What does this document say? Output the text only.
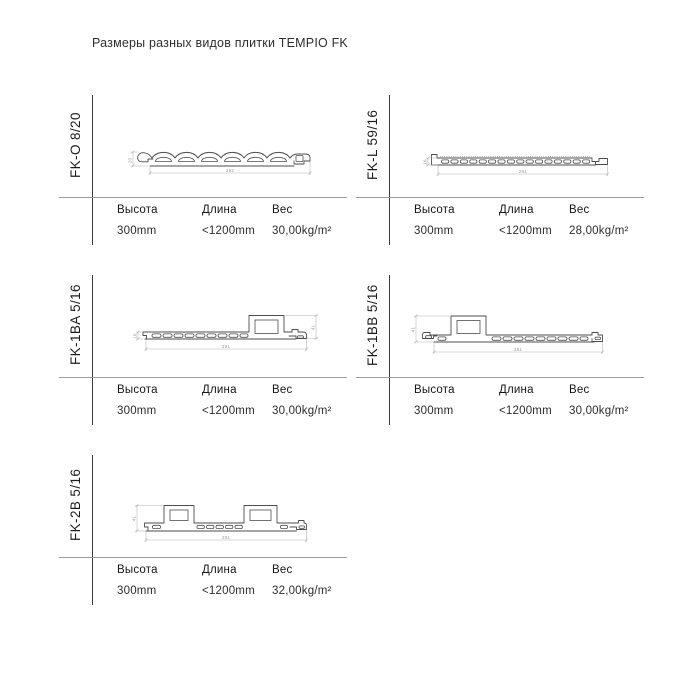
Размеры разных видов плитки TEMPIO FK
FK-O 8/20	20
292
Высота	Длина	Вес
300mm	<1200mm	30,00kg/m²
FK-L 59/16	16
291
Высота	Длина	Вес
300mm	<1200mm	28,00kg/m²
FK-1BA 5/16	16
41
291
Высота	Длина	Вес
300mm	<1200mm	30,00kg/m²
FK-1BB 5/16	41
291
Высота	Длина	Вес
300mm	<1200mm	30,00kg/m²
FK-2B 5/16	41
291
Высота	Длина	Вес
300mm	<1200mm	32,00kg/m²
